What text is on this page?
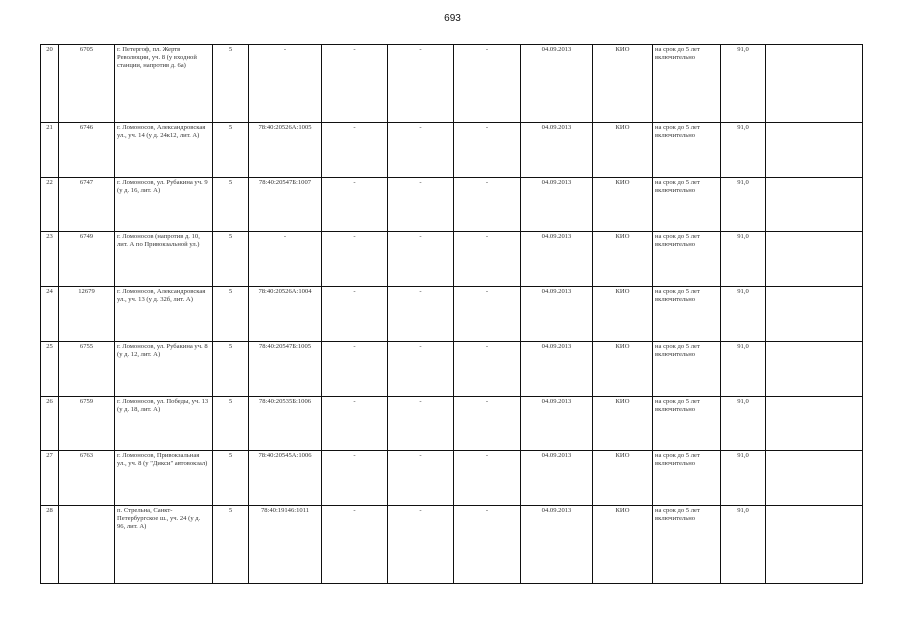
693
20	6705	г. Петергоф, пл. Жертв Революции, уч. 8 (у входной станции, напротив д. 6а)	5	-	-	-	-	04.09.2013	КИО	на срок до 5 лет включительно	91,0	
21	6746	г. Ломоносов, Александровская ул., уч. 14 (у д. 24к12, лит. А)	5	78:40:20526А:1005	-	-	-	04.09.2013	КИО	на срок до 5 лет включительно	91,0	
22	6747	г. Ломоносов, ул. Рубакина уч. 9 (у д. 16, лит. А)	5	78:40:20547Б:1007	-	-	-	04.09.2013	КИО	на срок до 5 лет включительно	91,0	
23	6749	г. Ломоносов (напротив д. 10, лит. А по Привокзальной ул.)	5	-	-	-	-	04.09.2013	КИО	на срок до 5 лет включительно	91,0	
24	12679	г. Ломоносов, Александровская ул., уч. 13 (у д. 32б, лит. А)	5	78:40:20526А:1004	-	-	-	04.09.2013	КИО	на срок до 5 лет включительно	91,0	
25	6755	г. Ломоносов, ул. Рубакина уч. 8 (у д. 12, лит. А)	5	78:40:20547Б:1005	-	-	-	04.09.2013	КИО	на срок до 5 лет включительно	91,0	
26	6759	г. Ломоносов, ул. Победы, уч. 13 (у д. 18, лит. А)	5	78:40:20535Б:1006	-	-	-	04.09.2013	КИО	на срок до 5 лет включительно	91,0	
27	6763	г. Ломоносов, Привокзальная ул., уч. 8 (у "Дикси" автовокзал)	5	78:40:20545А:1006	-	-	-	04.09.2013	КИО	на срок до 5 лет включительно	91,0	
28		п. Стрельна, Санкт-Петербургское ш., уч. 24 (у д. 96, лит. А)	5	78:40:19146:1011	-	-	-	04.09.2013	КИО	на срок до 5 лет включительно	91,0	
